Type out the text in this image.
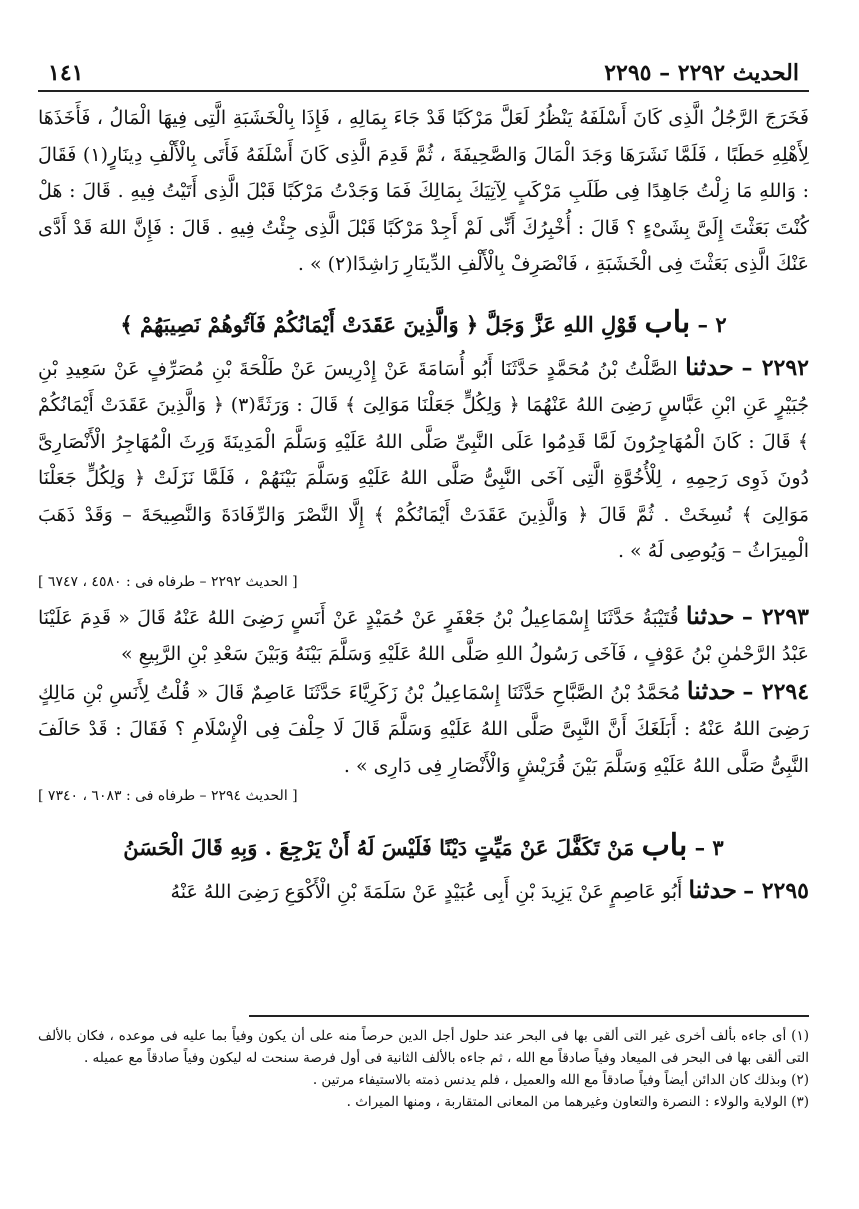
الحديث ٢٢٩٢ – ٢٢٩٥
١٤١

فَخَرَجَ الرَّجُلُ الَّذِى كَانَ أَسْلَفَهُ يَنْظُرُ لَعَلَّ مَرْكَبًا قَدْ جَاءَ بِمَالِهِ ، فَإِذَا بِالْخَشَبَةِ الَّتِى فِيهَا الْمَالُ ، فَأَخَذَهَا لِأَهْلِهِ حَطَبًا ، فَلَمَّا نَشَرَهَا وَجَدَ الْمَالَ وَالصَّحِيفَةَ ، ثُمَّ قَدِمَ الَّذِى كَانَ أَسْلَفَهُ فَأَتَى بِالْأَلْفِ دِينَارٍ(١) فَقَالَ : وَاللهِ مَا زِلْتُ جَاهِدًا فِى طَلَبِ مَرْكَبٍ لِآتِيَكَ بِمَالِكَ فَمَا وَجَدْتُ مَرْكَبًا قَبْلَ الَّذِى أَتَيْتُ فِيهِ . قَالَ : هَلْ كُنْتَ بَعَثْتَ إِلَىَّ بِشَىْءٍ ؟ قَالَ : أُخْبِرُكَ أَنِّى لَمْ أَجِدْ مَرْكَبًا قَبْلَ الَّذِى جِئْتُ فِيهِ . قَالَ : فَإِنَّ اللهَ قَدْ أَدَّى عَنْكَ الَّذِى بَعَثْتَ فِى الْخَشَبَةِ ، فَانْصَرِفْ بِالْأَلْفِ الدِّينَارِ رَاشِدًا(٢) » .

٢ – باب قَوْلِ اللهِ عَزَّ وَجَلَّ ﴿ وَالَّذِينَ عَقَدَتْ أَيْمَانُكُمْ فَآتُوهُمْ نَصِيبَهُمْ ﴾

٢٢٩٢ – حدثنا الصَّلْتُ بْنُ مُحَمَّدٍ حَدَّثَنَا أَبُو أُسَامَةَ عَنْ إِدْرِيسَ عَنْ طَلْحَةَ بْنِ مُصَرِّفٍ عَنْ سَعِيدِ بْنِ جُبَيْرٍ عَنِ ابْنِ عَبَّاسٍ رَضِىَ اللهُ عَنْهُمَا ﴿ وَلِكُلٍّ جَعَلْنَا مَوَالِىَ ﴾ قَالَ : وَرَثَةً(٣) ﴿ وَالَّذِينَ عَقَدَتْ أَيْمَانُكُمْ ﴾ قَالَ : كَانَ الْمُهَاجِرُونَ لَمَّا قَدِمُوا عَلَى النَّبِىِّ صَلَّى اللهُ عَلَيْهِ وَسَلَّمَ الْمَدِينَةَ وَرِثَ الْمُهَاجِرُ الْأَنْصَارِىَّ دُونَ ذَوِى رَحِمِهِ ، لِلْأُخُوَّةِ الَّتِى آخَى النَّبِىُّ صَلَّى اللهُ عَلَيْهِ وَسَلَّمَ بَيْنَهُمْ ، فَلَمَّا نَزَلَتْ ﴿ وَلِكُلٍّ جَعَلْنَا مَوَالِىَ ﴾ نُسِخَتْ . ثُمَّ قَالَ ﴿ وَالَّذِينَ عَقَدَتْ أَيْمَانُكُمْ ﴾ إِلَّا النَّصْرَ وَالرِّفَادَةَ وَالنَّصِيحَةَ – وَقَدْ ذَهَبَ الْمِيرَاثُ – وَيُوصِى لَهُ » .

[ الحديث ٢٢٩٢ – طرفاه فى : ٤٥٨٠ ، ٦٧٤٧ ]

٢٢٩٣ – حدثنا قُتَيْبَةُ حَدَّثَنَا إِسْمَاعِيلُ بْنُ جَعْفَرٍ عَنْ حُمَيْدٍ عَنْ أَنَسٍ رَضِىَ اللهُ عَنْهُ قَالَ « قَدِمَ عَلَيْنَا عَبْدُ الرَّحْمٰنِ بْنُ عَوْفٍ ، فَآخَى رَسُولُ اللهِ صَلَّى اللهُ عَلَيْهِ وَسَلَّمَ بَيْنَهُ وَبَيْنَ سَعْدِ بْنِ الرَّبِيعِ »

٢٢٩٤ – حدثنا مُحَمَّدُ بْنُ الصَّبَّاحِ حَدَّثَنَا إِسْمَاعِيلُ بْنُ زَكَرِيَّاءَ حَدَّثَنَا عَاصِمٌ قَالَ « قُلْتُ لِأَنَسِ بْنِ مَالِكٍ رَضِىَ اللهُ عَنْهُ : أَبَلَغَكَ أَنَّ النَّبِىَّ صَلَّى اللهُ عَلَيْهِ وَسَلَّمَ قَالَ لَا حِلْفَ فِى الْإِسْلَامِ ؟ فَقَالَ : قَدْ حَالَفَ النَّبِىُّ صَلَّى اللهُ عَلَيْهِ وَسَلَّمَ بَيْنَ قُرَيْشٍ وَالْأَنْصَارِ فِى دَارِى » .

[ الحديث ٢٢٩٤ – طرفاه فى : ٦٠٨٣ ، ٧٣٤٠ ]
٣ – باب مَنْ تَكَفَّلَ عَنْ مَيِّتٍ دَيْنًا فَلَيْسَ لَهُ أَنْ يَرْجِعَ . وَبِهِ قَالَ الْحَسَنُ

٢٢٩٥ – حدثنا أَبُو عَاصِمٍ عَنْ يَزِيدَ بْنِ أَبِى عُبَيْدٍ عَنْ سَلَمَةَ بْنِ الْأَكْوَعِ رَضِىَ اللهُ عَنْهُ

(١) أى جاءه بألف أخرى غير التى ألقى بها فى البحر عند حلول أجل الدين حرصاً منه على أن يكون وفياً بما عليه فى موعده ، فكان بالألف التى ألقى بها فى البحر فى الميعاد وفياً صادقاً مع الله ، ثم جاءه بالألف الثانية فى أول فرصة سنحت له ليكون وفياً صادقاً مع عميله .

(٢) وبذلك كان الدائن أيضاً وفياً صادقاً مع الله والعميل ، فلم يدنس ذمته بالاستيفاء مرتين .

(٣) الولاية والولاء : النصرة والتعاون وغيرهما من المعانى المتقاربة ، ومنها الميراث .
